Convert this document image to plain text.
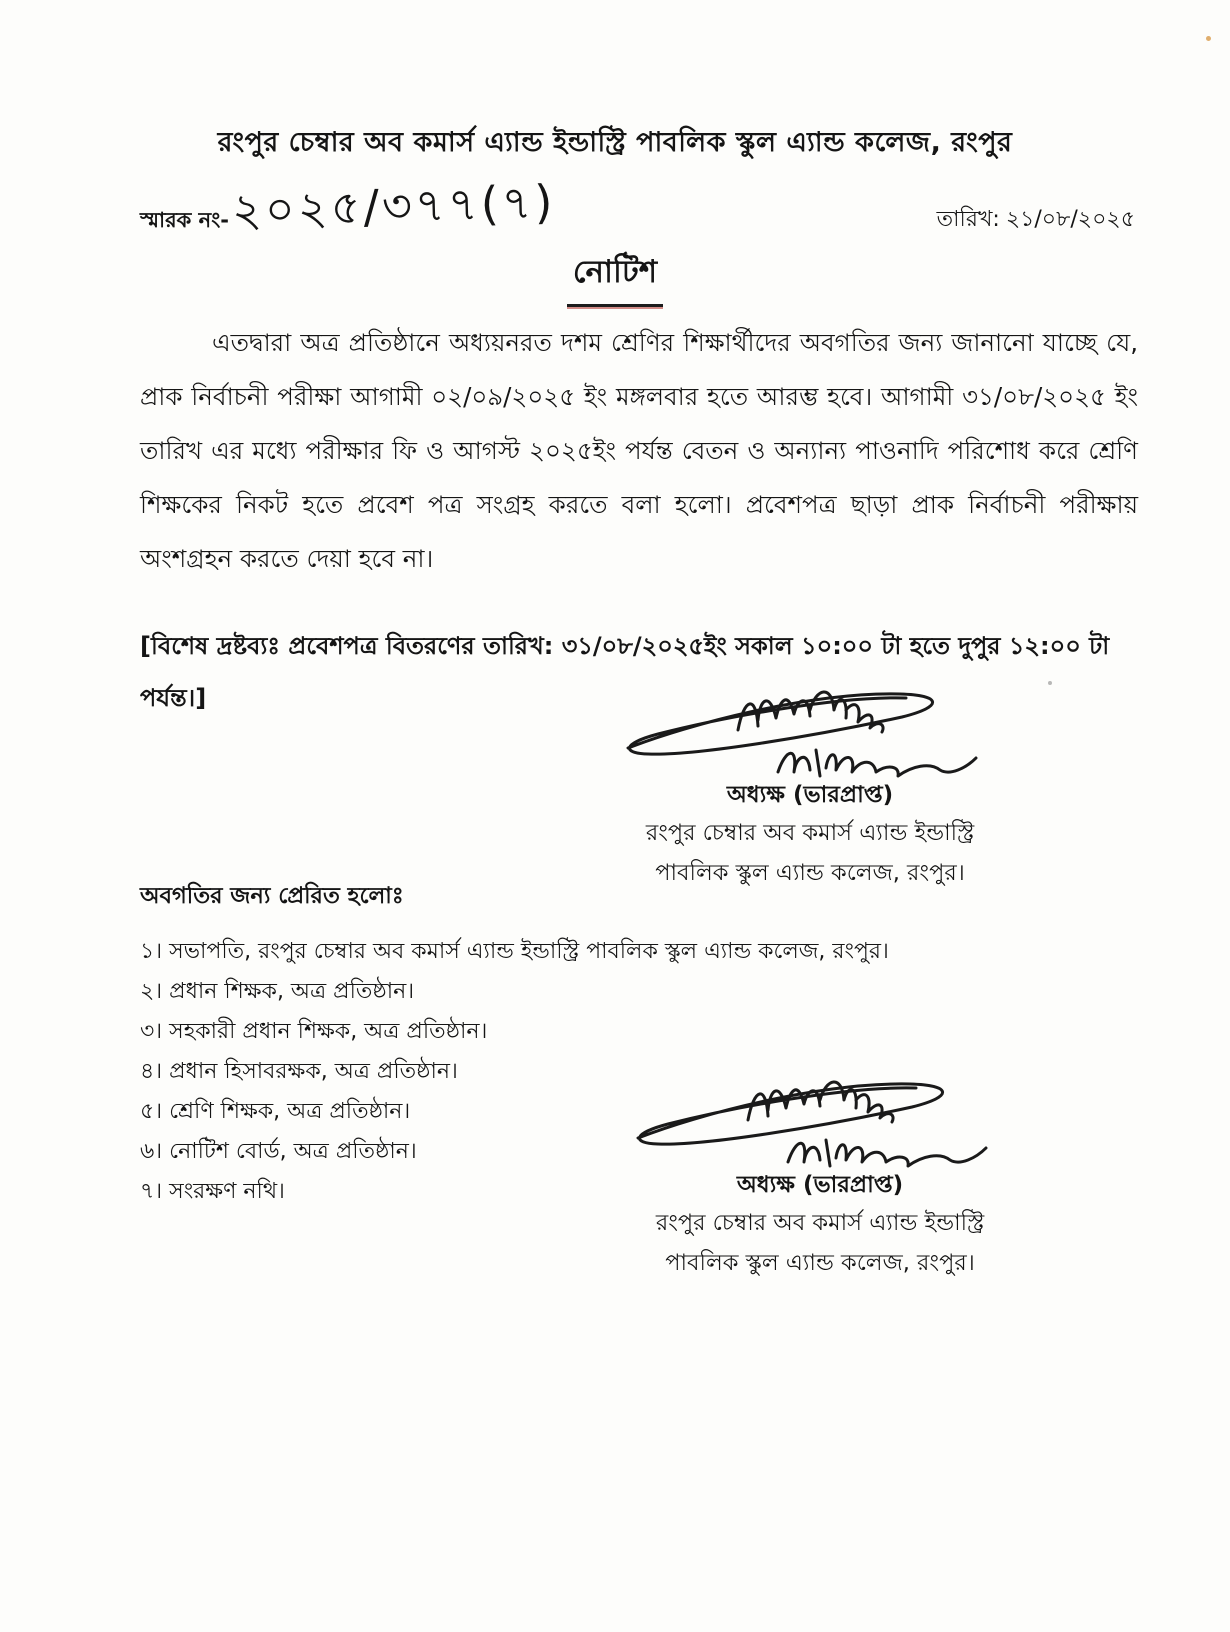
রংপুর চেম্বার অব কমার্স এ্যান্ড ইন্ডাস্ট্রি পাবলিক স্কুল এ্যান্ড কলেজ, রংপুর
স্মারক নং- ২০২৫/৩৭৭(৭)	তারিখ: ২১/০৮/২০২৫
নোটিশ
এতদ্বারা অত্র প্রতিষ্ঠানে অধ্যয়নরত দশম শ্রেণির শিক্ষার্থীদের অবগতির জন্য জানানো যাচ্ছে যে, প্রাক নির্বাচনী পরীক্ষা আগামী ০২/০৯/২০২৫ ইং মঙ্গলবার হতে আরম্ভ হবে। আগামী ৩১/০৮/২০২৫ ইং তারিখ এর মধ্যে পরীক্ষার ফি ও আগস্ট ২০২৫ইং পর্যন্ত বেতন ও অন্যান্য পাওনাদি পরিশোধ করে শ্রেণি শিক্ষকের নিকট হতে প্রবেশ পত্র সংগ্রহ করতে বলা হলো। প্রবেশপত্র ছাড়া প্রাক নির্বাচনী পরীক্ষায় অংশগ্রহন করতে দেয়া হবে না।
[বিশেষ দ্রষ্টব্যঃ প্রবেশপত্র বিতরণের তারিখ: ৩১/০৮/২০২৫ইং সকাল ১০:০০ টা হতে দুপুর ১২:০০ টা পর্যন্ত।]
অধ্যক্ষ (ভারপ্রাপ্ত)
রংপুর চেম্বার অব কমার্স এ্যান্ড ইন্ডাস্ট্রি
পাবলিক স্কুল এ্যান্ড কলেজ, রংপুর।
অবগতির জন্য প্রেরিত হলোঃ
১। সভাপতি, রংপুর চেম্বার অব কমার্স এ্যান্ড ইন্ডাস্ট্রি পাবলিক স্কুল এ্যান্ড কলেজ, রংপুর।
২। প্রধান শিক্ষক, অত্র প্রতিষ্ঠান।
৩। সহকারী প্রধান শিক্ষক, অত্র প্রতিষ্ঠান।
৪। প্রধান হিসাবরক্ষক, অত্র প্রতিষ্ঠান।
৫। শ্রেণি শিক্ষক, অত্র প্রতিষ্ঠান।
৬। নোটিশ বোর্ড, অত্র প্রতিষ্ঠান।
৭। সংরক্ষণ নথি।	অধ্যক্ষ (ভারপ্রাপ্ত)
রংপুর চেম্বার অব কমার্স এ্যান্ড ইন্ডাস্ট্রি
পাবলিক স্কুল এ্যান্ড কলেজ, রংপুর।
